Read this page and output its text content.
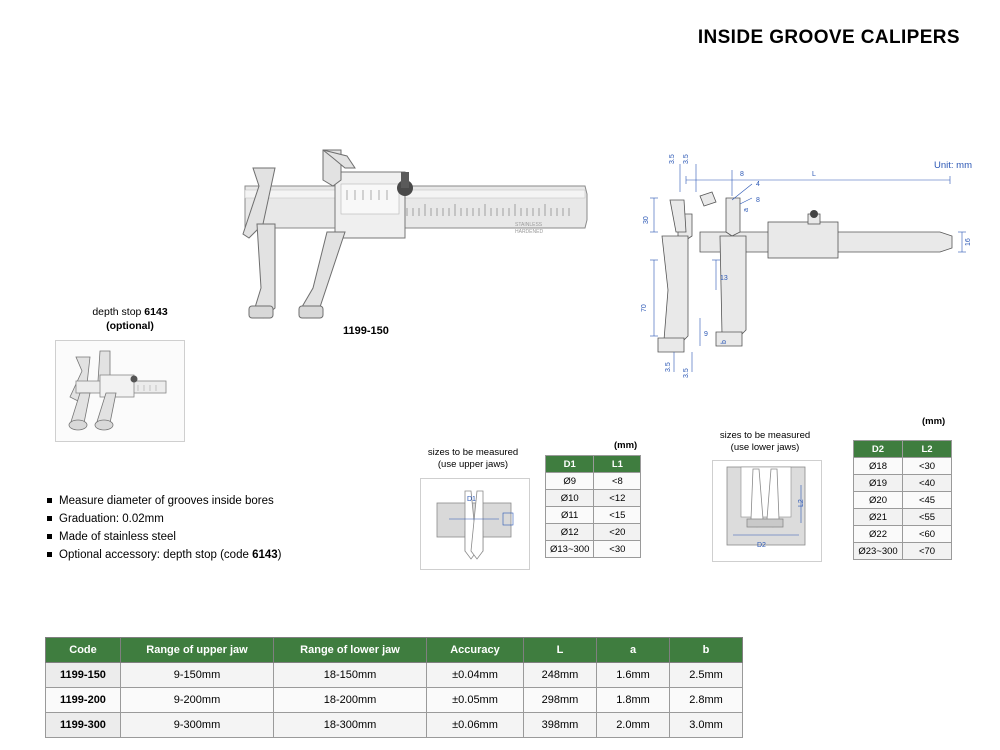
INSIDE GROOVE CALIPERS
STAINLESS
HARDENED
1199-150
depth stop 6143
(optional)
Measure diameter of grooves inside bores
Graduation: 0.02mm
Made of stainless steel
Optional accessory: depth stop (code 6143)
Unit: mm
L
30
70
13
9
b
16
3.5 3.5
4
8
8
3.5
3.5
a
sizes to be measured
(use upper jaws)
(mm)
D1
D1	L1
Ø9	<8
Ø10	<12
Ø11	<15
Ø12	<20
Ø13~300	<30
sizes to be measured
(use lower jaws)
(mm)
D2
L2
D2	L2
Ø18	<30
Ø19	<40
Ø20	<45
Ø21	<55
Ø22	<60
Ø23~300	<70
Code	Range of upper jaw	Range of lower jaw	Accuracy	L	a	b
1199-150	9-150mm	18-150mm	±0.04mm	248mm	1.6mm	2.5mm
1199-200	9-200mm	18-200mm	±0.05mm	298mm	1.8mm	2.8mm
1199-300	9-300mm	18-300mm	±0.06mm	398mm	2.0mm	3.0mm
